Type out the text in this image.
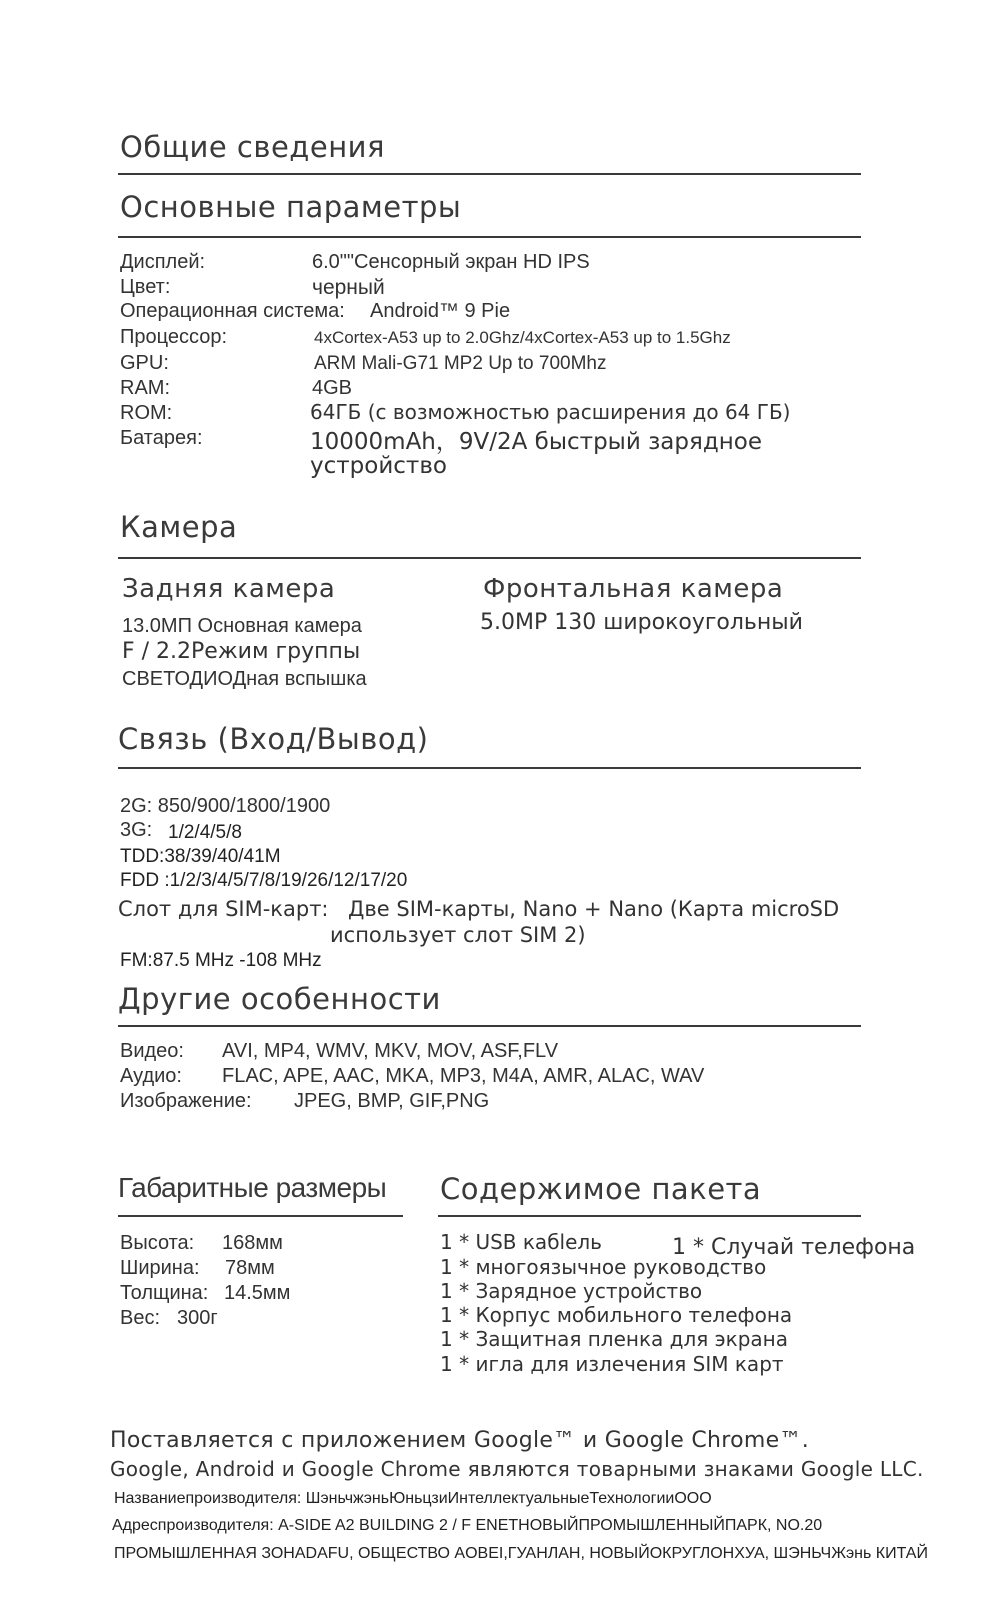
Общие сведения
Основные параметры
Дисплей:	6.0""Сенсорный экран HD IPS
Цвет:	черный
Операционная система: Android™ 9 Pie
Процессор:	4xCortex-A53 up to 2.0Ghz/4xCortex-A53 up to 1.5Ghz
GPU:	ARM Mali-G71 MP2 Up to 700Mhz
RAM:	4GB
ROM:	64ГБ (с возможностью расширения до 64 ГБ)
Батарея:	10000mAh，9V/2A быстрый зарядное
устройство
Камера
Задняя камера
13.0МП Основная камера
F / 2.2Режим группы
СВЕТОДИОДная вспышка
Фронтальная камера
5.0MP 130 широкоугольный
Связь (Вход/Вывод)
2G: 850/900/1800/1900
3G: 1/2/4/5/8
TDD:38/39/40/41M
FDD :1/2/3/4/5/7/8/19/26/12/17/20
Слот для SIM-карт: Две SIM-карты, Nano + Nano (Карта microSD
использует слот SIM 2)
FM:87.5 MHz -108 MHz
Другие особенности
Видео: AVI, MP4, WMV, MKV, MOV, ASF,FLV
Аудио: FLAC, APE, AAC, MKA, MP3, M4A, AMR, ALAC, WAV
Изображение: JPEG, BMP, GIF,PNG
Габаритные размеры
Высота: 168мм
Ширина: 78мм
Толщина: 14.5мм
Вес: 300г
Содержимое пакета
1 * USB кабlель	1 * Случай телефона
1 * многоязычное руководство
1 * Зарядное устройство
1 * Корпус мобильного телефона
1 * Защитная пленка для экрана
1 * игла для излечения SIM карт
Поставляется с приложением Google™ и Google Chrome™.
Google, Android и Google Chrome являются товарными знаками Google LLC.
Названиепроизводителя: ШэньчжэньЮньцзиИнтеллектуальныеТехнологииООО
Адреспроизводителя: A-SIDE A2 BUILDING 2 / F ENETНОВЫЙПРОМЫШЛЕННЫЙПАРК, NO.20
ПРОМЫШЛЕННАЯ ЗОНАDAFU, ОБЩЕСТВО AOBEI,ГУАНЛАН, НОВЫЙОКРУГЛОНХУА, ШЭНЬЧЖэнь КИТАЙ
